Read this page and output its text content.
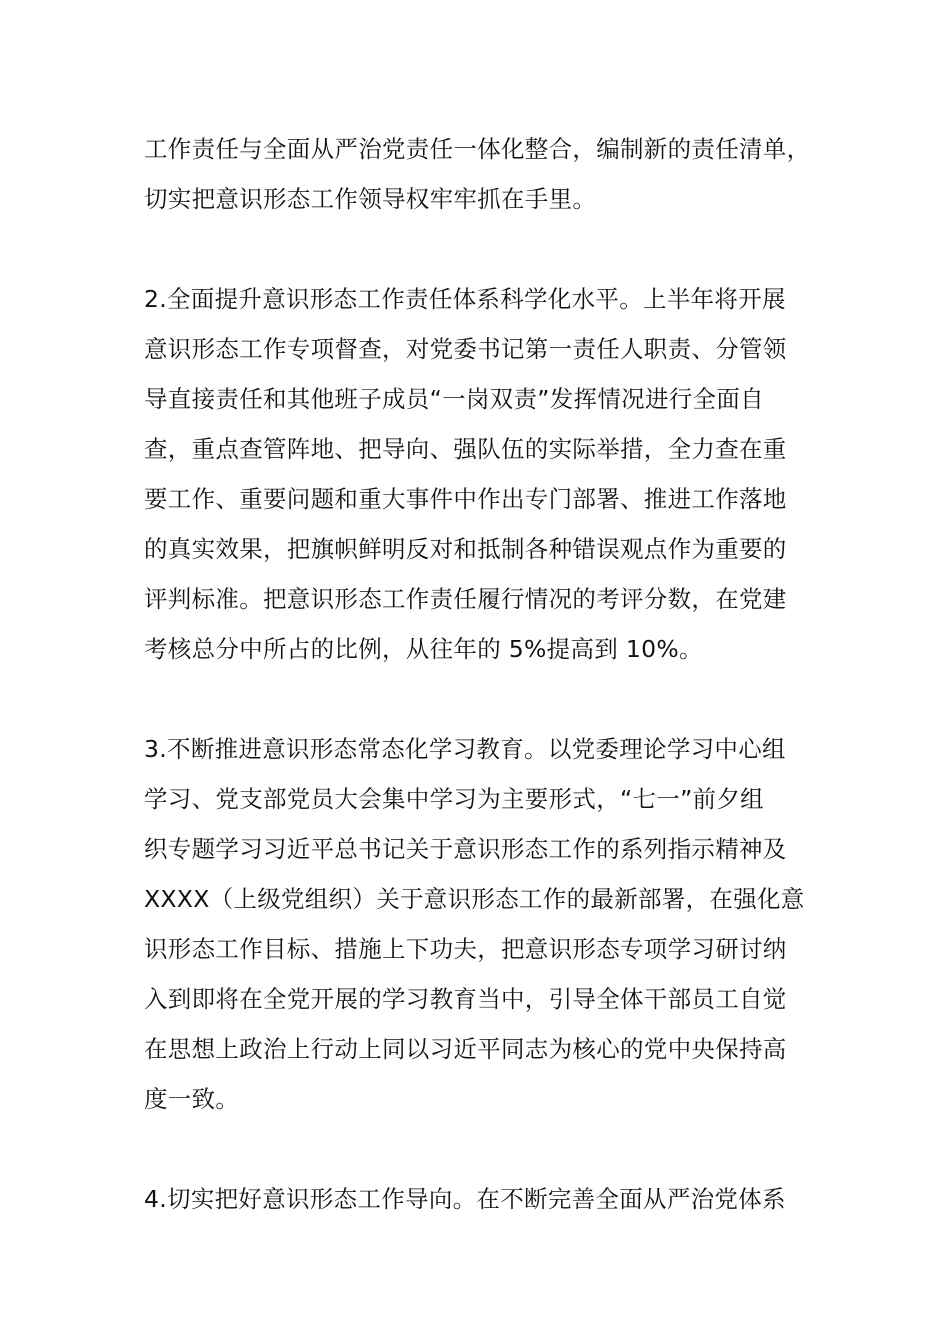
工作责任与全面从严治党责任一体化整合，编制新的责任清单，
切实把意识形态工作领导权牢牢抓在手里。
2.全面提升意识形态工作责任体系科学化水平。上半年将开展
意识形态工作专项督查，对党委书记第一责任人职责、分管领
导直接责任和其他班子成员“一岗双责”发挥情况进行全面自
查，重点查管阵地、把导向、强队伍的实际举措，全力查在重
要工作、重要问题和重大事件中作出专门部署、推进工作落地
的真实效果，把旗帜鲜明反对和抵制各种错误观点作为重要的
评判标准。把意识形态工作责任履行情况的考评分数，在党建
考核总分中所占的比例，从往年的 5%提高到 10%。
3.不断推进意识形态常态化学习教育。以党委理论学习中心组
学习、党支部党员大会集中学习为主要形式，“七一”前夕组
织专题学习习近平总书记关于意识形态工作的系列指示精神及
XXXX（上级党组织）关于意识形态工作的最新部署，在强化意
识形态工作目标、措施上下功夫，把意识形态专项学习研讨纳
入到即将在全党开展的学习教育当中，引导全体干部员工自觉
在思想上政治上行动上同以习近平同志为核心的党中央保持高
度一致。
4.切实把好意识形态工作导向。在不断完善全面从严治党体系
